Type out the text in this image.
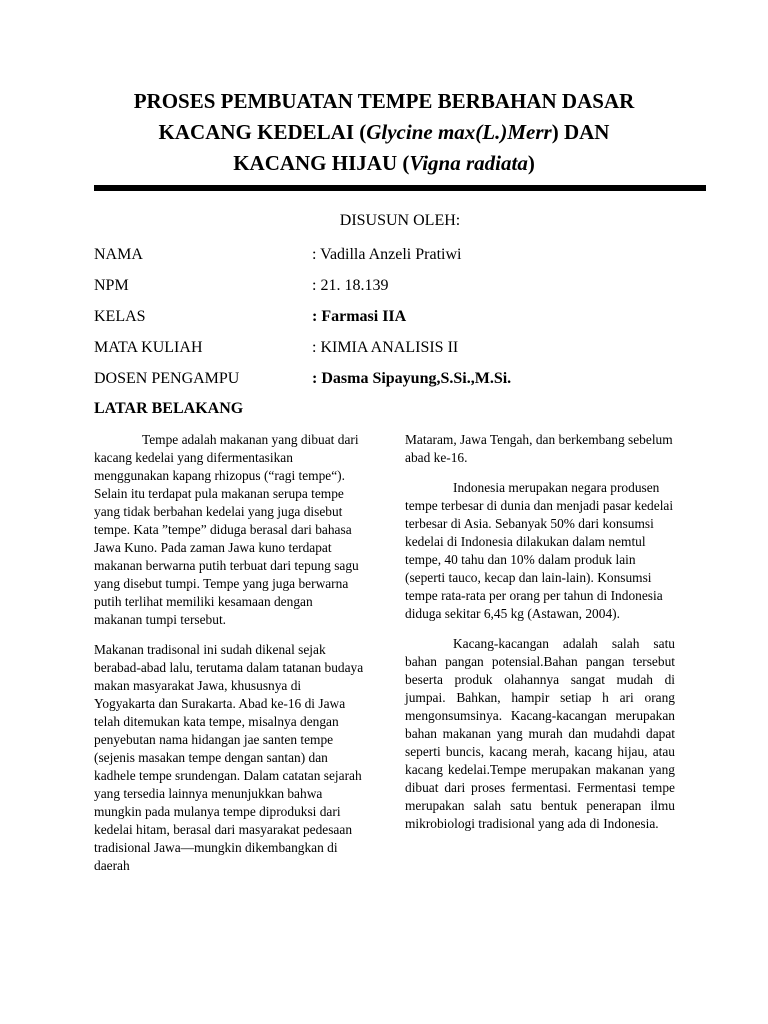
PROSES PEMBUATAN TEMPE BERBAHAN DASAR
KACANG KEDELAI (Glycine max(L.)Merr) DAN
KACANG HIJAU (Vigna radiata)
DISUSUN OLEH:
NAMA	: Vadilla Anzeli Pratiwi
NPM	: 21. 18.139
KELAS	: Farmasi IIA
MATA KULIAH	: KIMIA ANALISIS II
DOSEN PENGAMPU	: Dasma Sipayung,S.Si.,M.Si.
LATAR BELAKANG

Tempe adalah makanan yang dibuat dari kacang kedelai yang difermentasikan menggunakan kapang rhizopus (“ragi tempe“). Selain itu terdapat pula makanan serupa tempe yang tidak berbahan kedelai yang juga disebut tempe. Kata ”tempe” diduga berasal dari bahasa Jawa Kuno. Pada zaman Jawa kuno terdapat makanan berwarna putih terbuat dari tepung sagu yang disebut tumpi. Tempe yang juga berwarna putih terlihat memiliki kesamaan dengan makanan tumpi tersebut.

Makanan tradisonal ini sudah dikenal sejak berabad-abad lalu, terutama dalam tatanan budaya makan masyarakat Jawa, khususnya di Yogyakarta dan Surakarta. Abad ke-16 di Jawa telah ditemukan kata tempe, misalnya dengan penyebutan nama hidangan jae santen tempe (sejenis masakan tempe dengan santan) dan kadhele tempe srundengan. Dalam catatan sejarah yang tersedia lainnya menunjukkan bahwa mungkin pada mulanya tempe diproduksi dari kedelai hitam, berasal dari masyarakat pedesaan tradisional Jawa—mungkin dikembangkan di daerah

Mataram, Jawa Tengah, dan berkembang sebelum abad ke-16.

Indonesia merupakan negara produsen tempe terbesar di dunia dan menjadi pasar kedelai terbesar di Asia. Sebanyak 50% dari konsumsi kedelai di Indonesia dilakukan dalam nemtul tempe, 40 tahu dan 10% dalam produk lain (seperti tauco, kecap dan lain-lain). Konsumsi tempe rata-rata per orang per tahun di Indonesia diduga sekitar 6,45 kg (Astawan, 2004).

Kacang-kacangan adalah salah satu bahan pangan potensial.Bahan pangan tersebut beserta produk olahannya sangat mudah di jumpai. Bahkan, hampir setiap h ari orang mengonsumsinya. Kacang-kacangan merupakan bahan makanan yang murah dan mudahdi dapat seperti buncis, kacang merah, kacang hijau, atau kacang kedelai.Tempe merupakan makanan yang dibuat dari proses fermentasi. Fermentasi tempe merupakan salah satu bentuk penerapan ilmu mikrobiologi tradisional yang ada di Indonesia.
